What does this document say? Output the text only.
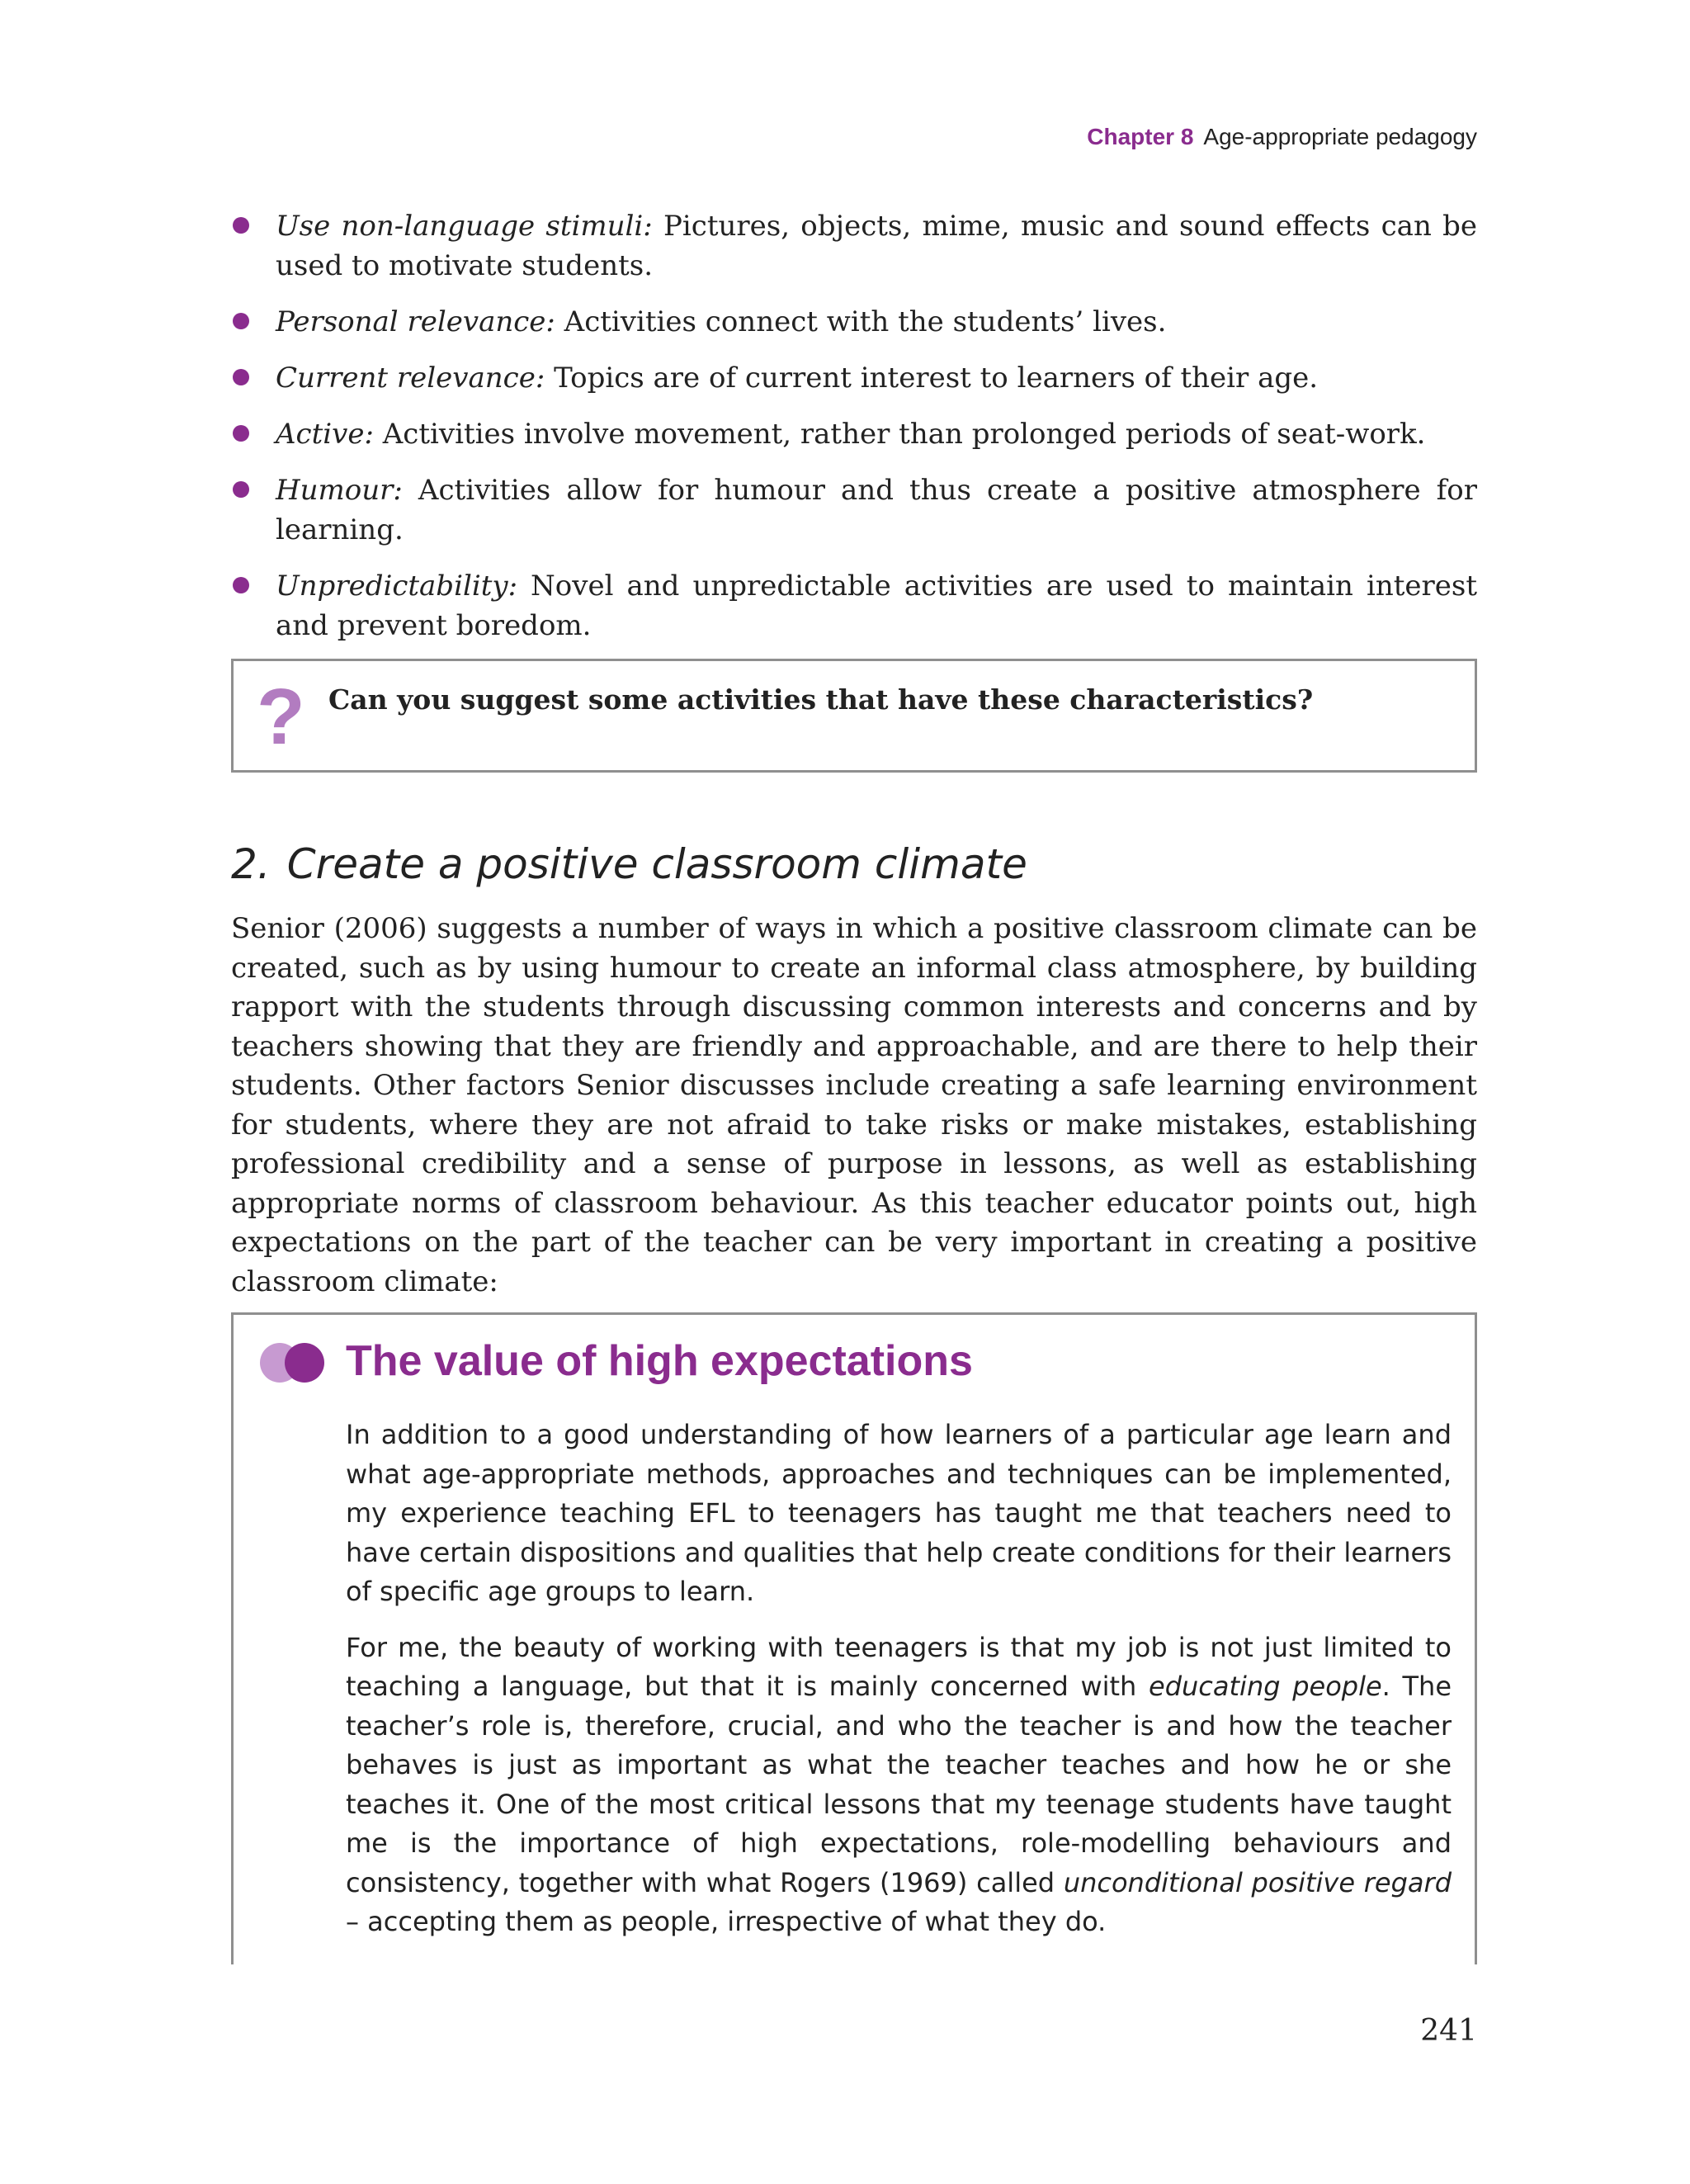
Chapter 8 Age-appropriate pedagogy
Use non-language stimuli: Pictures, objects, mime, music and sound effects can be used to motivate students.
Personal relevance: Activities connect with the students’ lives.
Current relevance: Topics are of current interest to learners of their age.
Active: Activities involve movement, rather than prolonged periods of seat-work.
Humour: Activities allow for humour and thus create a positive atmosphere for learning.
Unpredictability: Novel and unpredictable activities are used to maintain interest and prevent boredom.
? Can you suggest some activities that have these characteristics?
2. Create a positive classroom climate

Senior (2006) suggests a number of ways in which a positive classroom climate can be created, such as by using humour to create an informal class atmosphere, by building rapport with the students through discussing common interests and concerns and by teachers showing that they are friendly and approachable, and are there to help their students. Other factors Senior discusses include creating a safe learning environment for students, where they are not afraid to take risks or make mistakes, establishing professional credibility and a sense of purpose in lessons, as well as establishing appropriate norms of classroom behaviour. As this teacher educator points out, high expectations on the part of the teacher can be very important in creating a positive classroom climate:

The value of high expectations

In addition to a good understanding of how learners of a particular age learn and what age-appropriate methods, approaches and techniques can be implemented, my experience teaching EFL to teenagers has taught me that teachers need to have certain dispositions and qualities that help create conditions for their learners of specific age groups to learn.

For me, the beauty of working with teenagers is that my job is not just limited to teaching a language, but that it is mainly concerned with educating people. The teacher’s role is, therefore, crucial, and who the teacher is and how the teacher behaves is just as important as what the teacher teaches and how he or she teaches it. One of the most critical lessons that my teenage students have taught me is the importance of high expectations, role-modelling behaviours and consistency, together with what Rogers (1969) called unconditional positive regard – accepting them as people, irrespective of what they do.

241
